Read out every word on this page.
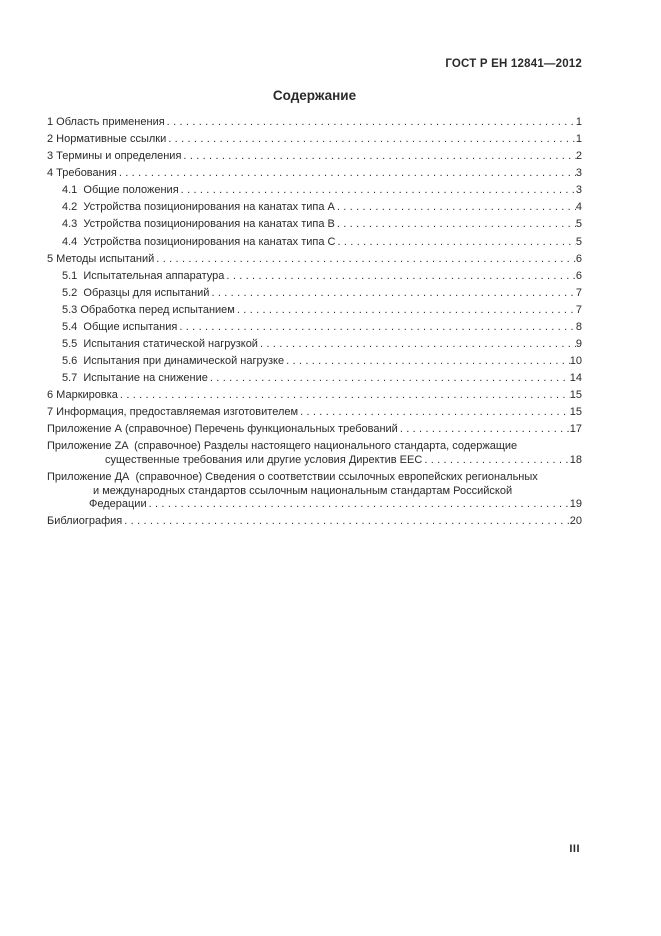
ГОСТ Р ЕН 12841—2012
Содержание
1 Область применения . . .	1
2 Нормативные ссылки . . .	1
3 Термины и определения . . .	2
4 Требования . . .	3
4.1  Общие положения . . .	3
4.2  Устройства позиционирования на канатах типа A . . .	4
4.3  Устройства позиционирования на канатах типа B . . .	5
4.4  Устройства позиционирования на канатах типа C . . .	5
5 Методы испытаний . . .	6
5.1  Испытательная аппаратура . . .	6
5.2  Образцы для испытаний . . .	7
5.3 Обработка перед испытанием . . .	7
5.4  Общие испытания . . .	8
5.5  Испытания статической нагрузкой . . .	9
5.6  Испытания при динамической нагрузке . . .	10
5.7  Испытание на снижение . . .	14
6 Маркировка . . .	15
7 Информация, предоставляемая изготовителем . . .	15
Приложение А (справочное) Перечень функциональных требований . . .	17
Приложение ZA  (справочное) Разделы настоящего национального стандарта, содержащие
существенные требования или другие условия Директив ЕЕС . . .	18
Приложение ДА  (справочное) Сведения о соответствии ссылочных европейских региональных
и международных стандартов ссылочным национальным стандартам Российской
Федерации . . .	19
Библиография . . .	20
III
